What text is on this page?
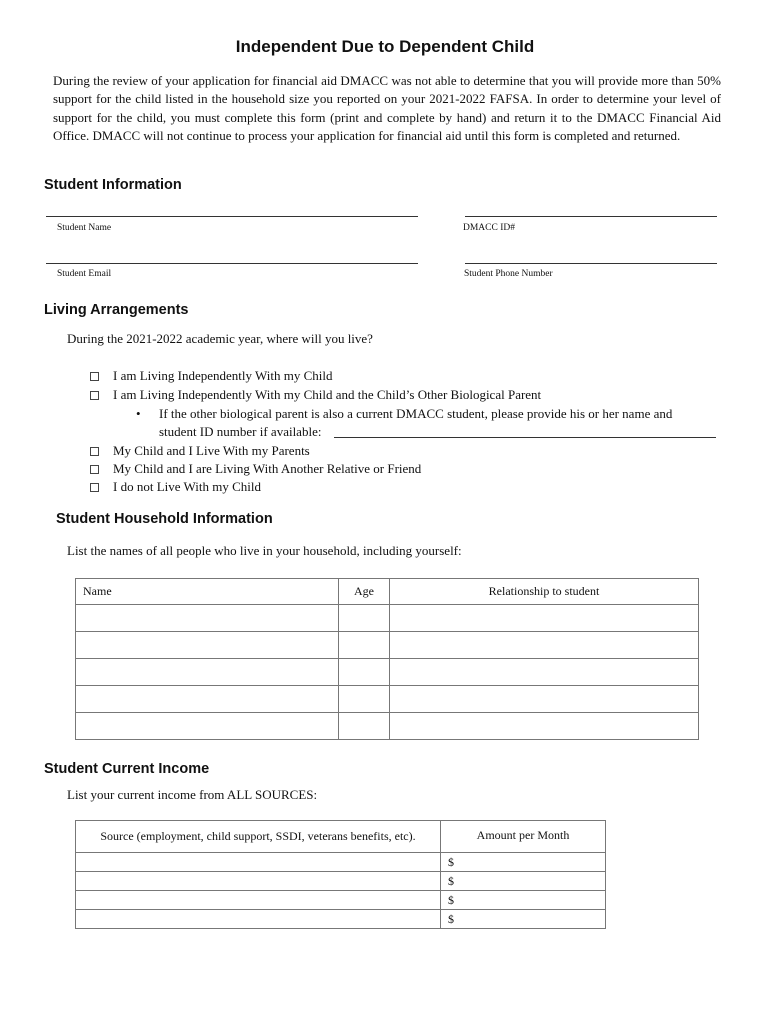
Independent Due to Dependent Child
During the review of your application for financial aid DMACC was not able to determine that you will provide more than 50% support for the child listed in the household size you reported on your 2021-2022 FAFSA. In order to determine your level of support for the child, you must complete this form (print and complete by hand) and return it to the DMACC Financial Aid Office. DMACC will not continue to process your application for financial aid until this form is completed and returned.
Student Information
Student Name	DMACC ID#
Student Email	Student Phone Number
Living Arrangements
During the 2021-2022 academic year, where will you live?
I am Living Independently With my Child
I am Living Independently With my Child and the Child’s Other Biological Parent
• If the other biological parent is also a current DMACC student, please provide his or her name and
student ID number if available:
My Child and I Live With my Parents
My Child and I are Living With Another Relative or Friend
I do not Live With my Child
Student Household Information
List the names of all people who live in your household, including yourself:
Name	Age	Relationship to student

Student Current Income
List your current income from ALL SOURCES:
Source (employment, child support, SSDI, veterans benefits, etc).	Amount per Month
	$
	$
	$
	$
